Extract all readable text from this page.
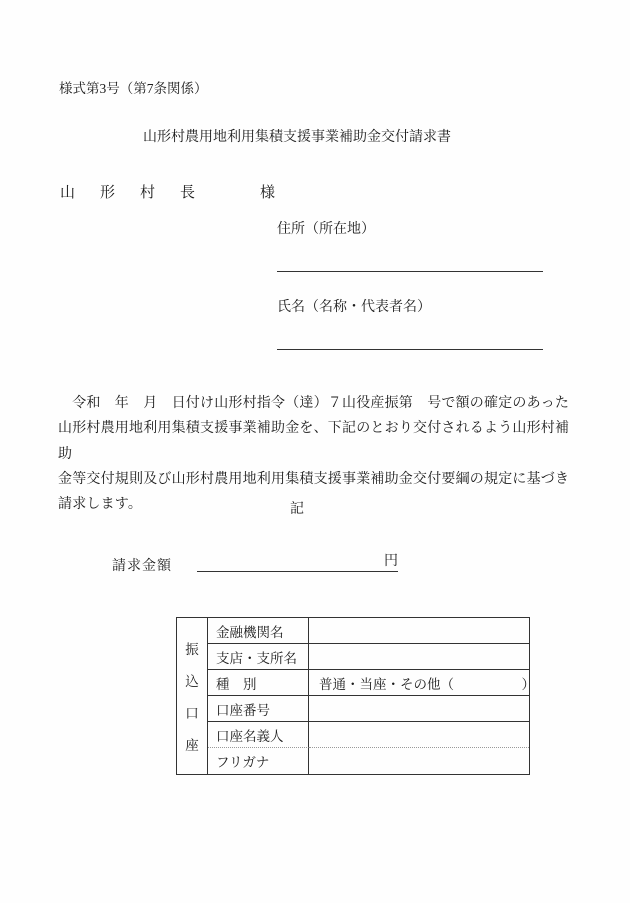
様式第3号（第7条関係）
山形村農用地利用集積支援事業補助金交付請求書
山　形　村　長　　　様
住所（所在地）
氏名（名称・代表者名）
　令和　年　月　日付け山形村指令（達）７山役産振第　号で額の確定のあった
山形村農用地利用集積支援事業補助金を、下記のとおり交付されるよう山形村補助
金等交付規則及び山形村農用地利用集積支援事業補助金交付要綱の規定に基づき
請求します。	記
請求金額	円
振
込
口
座
金融機関名
支店・支所名
種　別	普通・当座・その他（　　　　　）
口座番号
口座名義人
フリガナ
